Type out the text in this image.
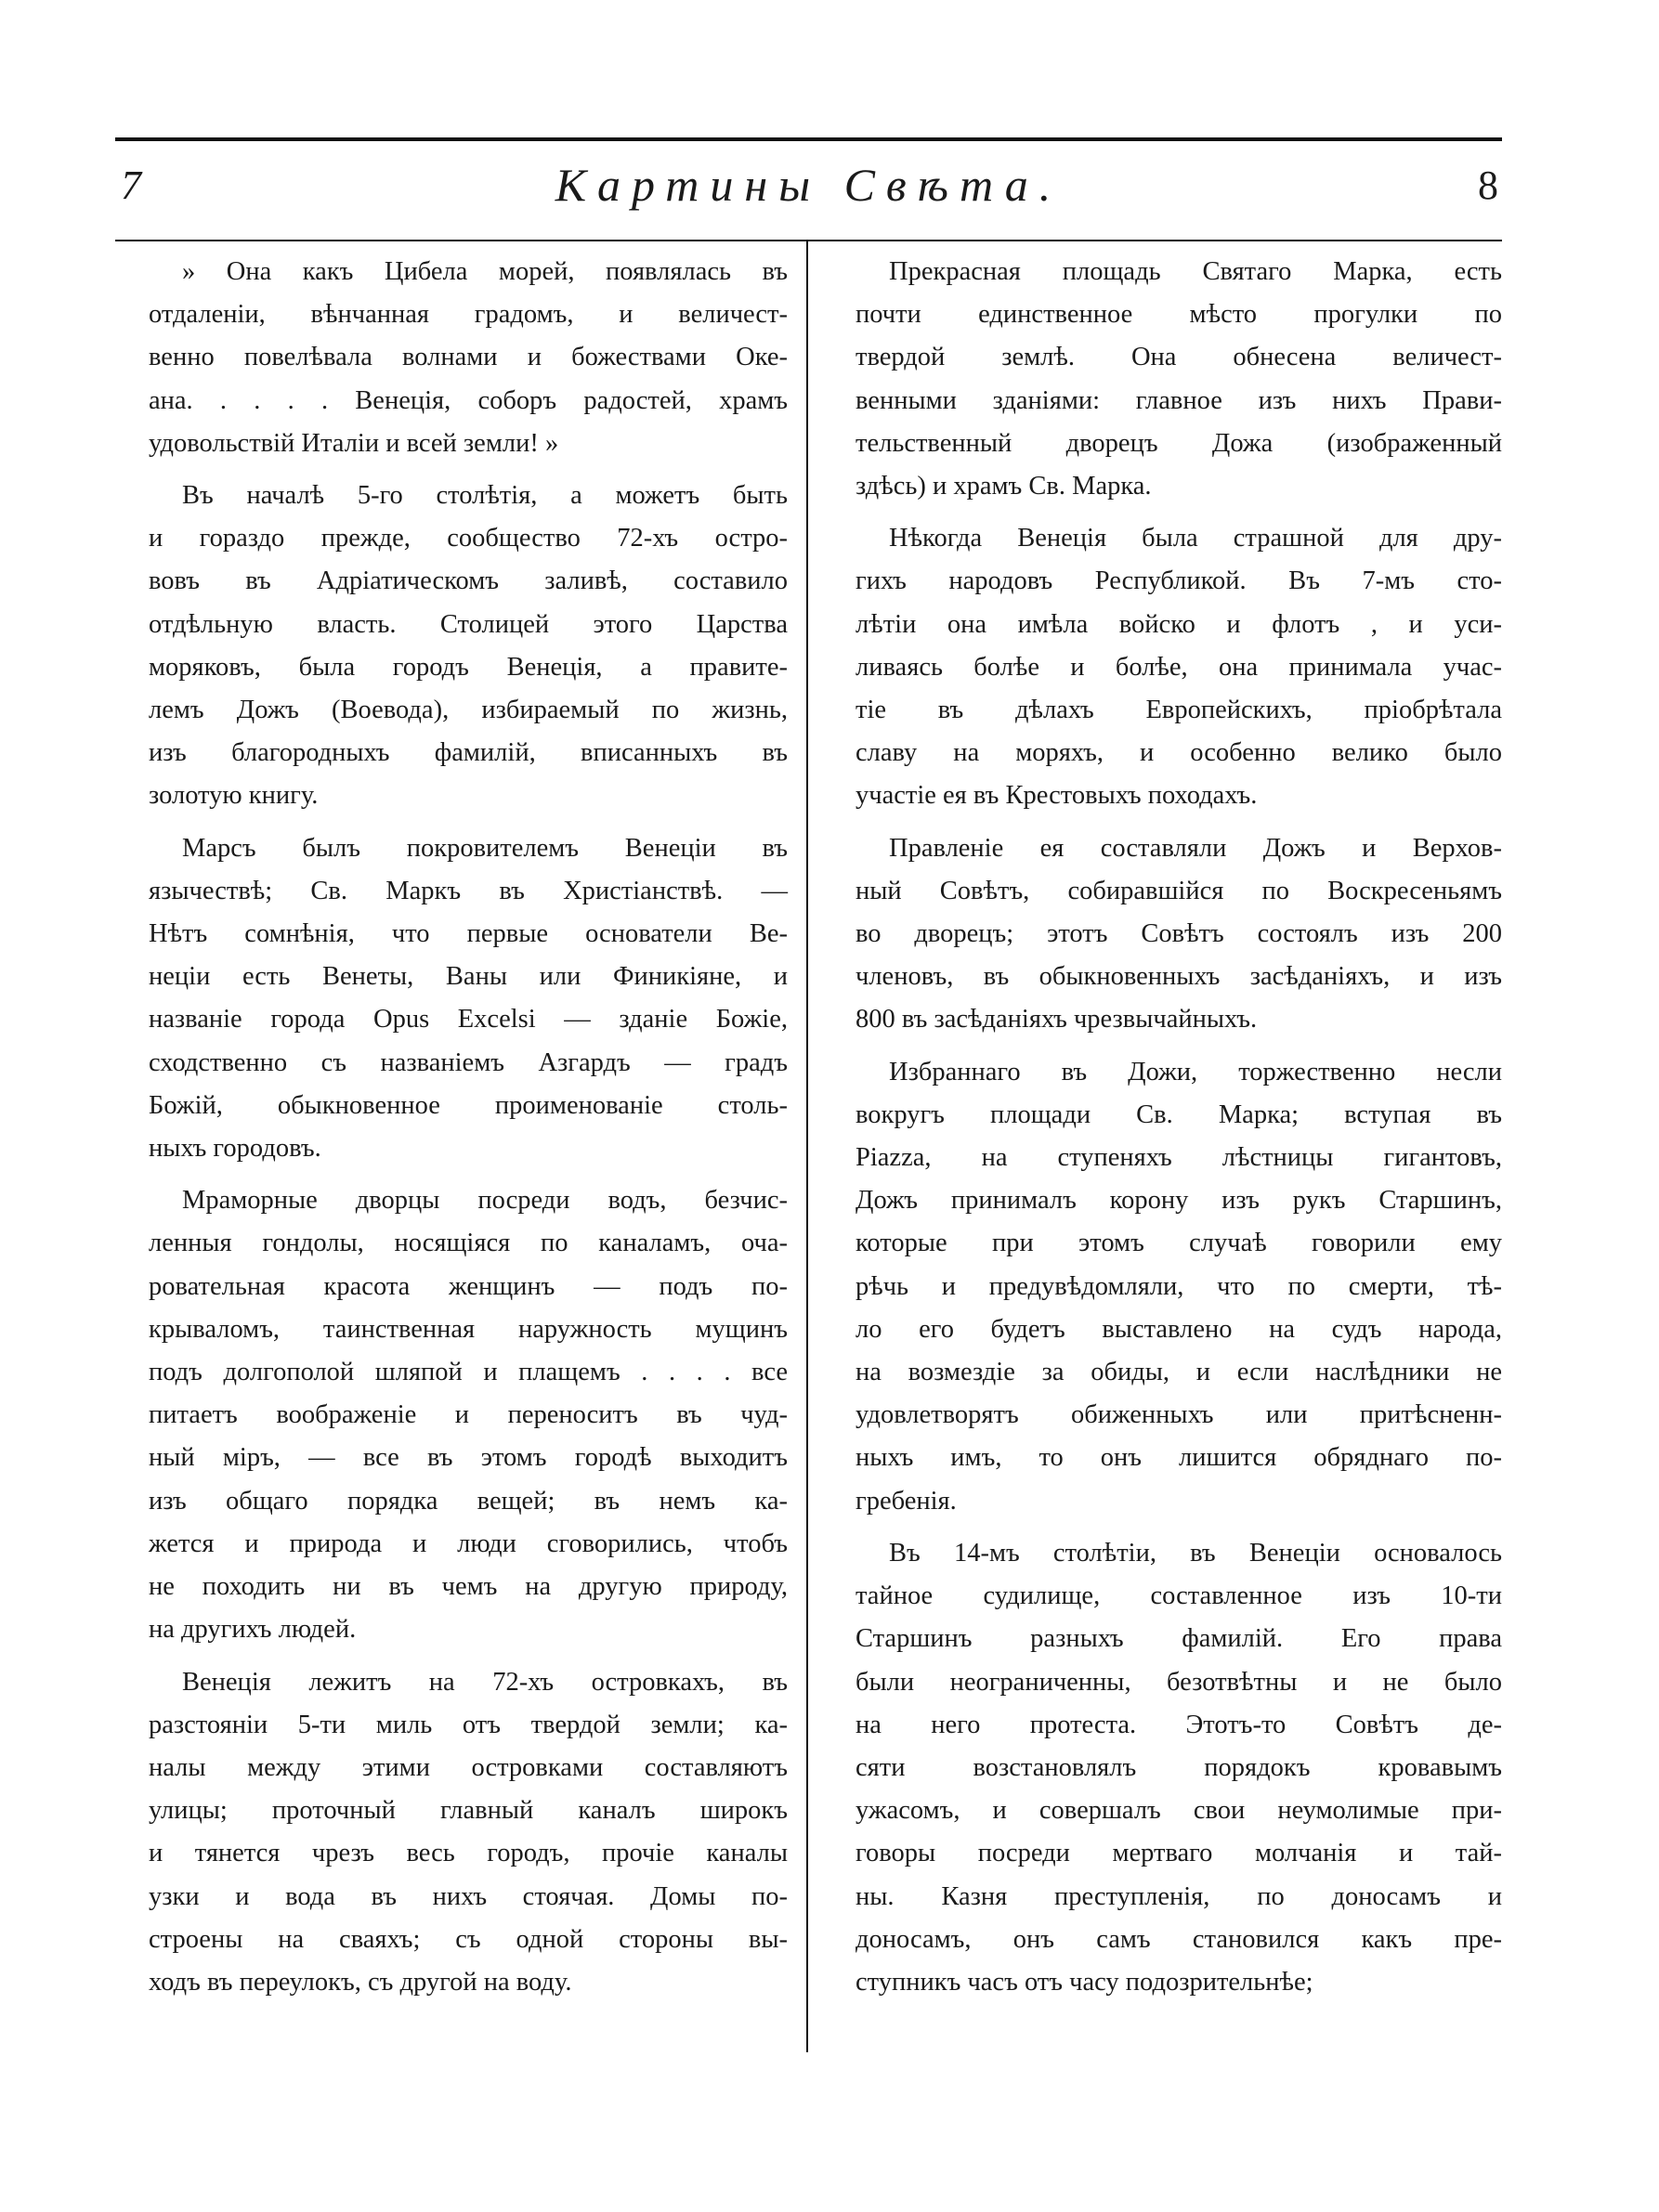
7	Картины Свѣта.	8
» Она какъ Цибела морей, появлялась въ
отдаленіи, вѣнчанная градомъ, и величест-
венно повелѣвала волнами и божествами Оке-
ана. . . . . Венеція, соборъ радостей, храмъ
удовольствій Италіи и всей земли! »
Въ началѣ 5-го столѣтія, а можетъ быть
и гораздо прежде, сообщество 72-хъ остро-
вовъ въ Адріатическомъ заливѣ, составило
отдѣльную власть. Столицей этого Царства
моряковъ, была городъ Венеція, а правите-
лемъ Дожъ (Воевода), избираемый по жизнь,
изъ благородныхъ фамилій, вписанныхъ въ
золотую книгу.
Марсъ былъ покровителемъ Венеціи въ
язычествѣ; Св. Маркъ въ Христіанствѣ. —
Нѣтъ сомнѣнія, что первые основатели Ве-
неціи есть Венеты, Ваны или Финикіяне, и
названіе города Opus Excelsi — зданіе Божіе,
сходственно съ названіемъ Азгардъ — градъ
Божій, обыкновенное проименованіе столь-
ныхъ городовъ.
Мраморные дворцы посреди водъ, безчис-
ленныя гондолы, носящіяся по каналамъ, оча-
ровательная красота женщинъ — подъ по-
крываломъ, таинственная наружность мущинъ
подъ долгополой шляпой и плащемъ . . . . все
питаетъ воображеніе и переноситъ въ чуд-
ный міръ, — все въ этомъ городѣ выходитъ
изъ общаго порядка вещей; въ немъ ка-
жется и природа и люди сговорились, чтобъ
не походить ни въ чемъ на другую природу,
на другихъ людей.
Венеція лежитъ на 72-хъ островкахъ, въ
разстояніи 5-ти миль отъ твердой земли; ка-
налы между этими островками составляютъ
улицы; проточный главный каналъ широкъ
и тянется чрезъ весь городъ, прочіе каналы
узки и вода въ нихъ стоячая. Домы по-
строены на сваяхъ; съ одной стороны вы-
ходъ въ переулокъ, съ другой на воду.
Прекрасная площадь Святаго Марка, есть
почти единственное мѣсто прогулки по
твердой землѣ. Она обнесена величест-
венными зданіями: главное изъ нихъ Прави-
тельственный дворецъ Дожа (изображенный
здѣсь) и храмъ Св. Марка.
Нѣкогда Венеція была страшной для дру-
гихъ народовъ Республикой. Въ 7-мъ сто-
лѣтіи она имѣла войско и флотъ , и уси-
ливаясь болѣе и болѣе, она принимала учас-
тіе въ дѣлахъ Европейскихъ, пріобрѣтала
славу на моряхъ, и особенно велико было
участіе ея въ Крестовыхъ походахъ.
Правленіе ея составляли Дожъ и Верхов-
ный Совѣтъ, собиравшійся по Воскресеньямъ
во дворецъ; этотъ Совѣтъ состоялъ изъ 200
членовъ, въ обыкновенныхъ засѣданіяхъ, и изъ
800 въ засѣданіяхъ чрезвычайныхъ.
Избраннаго въ Дожи, торжественно несли
вокругъ площади Св. Марка; вступая въ
Piazza, на ступеняхъ лѣстницы гигантовъ,
Дожъ принималъ корону изъ рукъ Старшинъ,
которые при этомъ случаѣ говорили ему
рѣчь и предувѣдомляли, что по смерти, тѣ-
ло его будетъ выставлено на судъ народа,
на возмездіе за обиды, и если наслѣдники не
удовлетворятъ обиженныхъ или притѣсненн-
ныхъ имъ, то онъ лишится обряднаго по-
гребенія.
Въ 14-мъ столѣтіи, въ Венеціи основалось
тайное судилище, составленное изъ 10-ти
Старшинъ разныхъ фамилій. Его права
были неограниченны, безотвѣтны и не было
на него протеста. Этотъ-то Совѣтъ де-
сяти возстановлялъ порядокъ кровавымъ
ужасомъ, и совершалъ свои неумолимые при-
говоры посреди мертваго молчанія и тай-
ны. Казня преступленія, по доносамъ и
доносамъ, онъ самъ становился какъ пре-
ступникъ часъ отъ часу подозрительнѣе;
